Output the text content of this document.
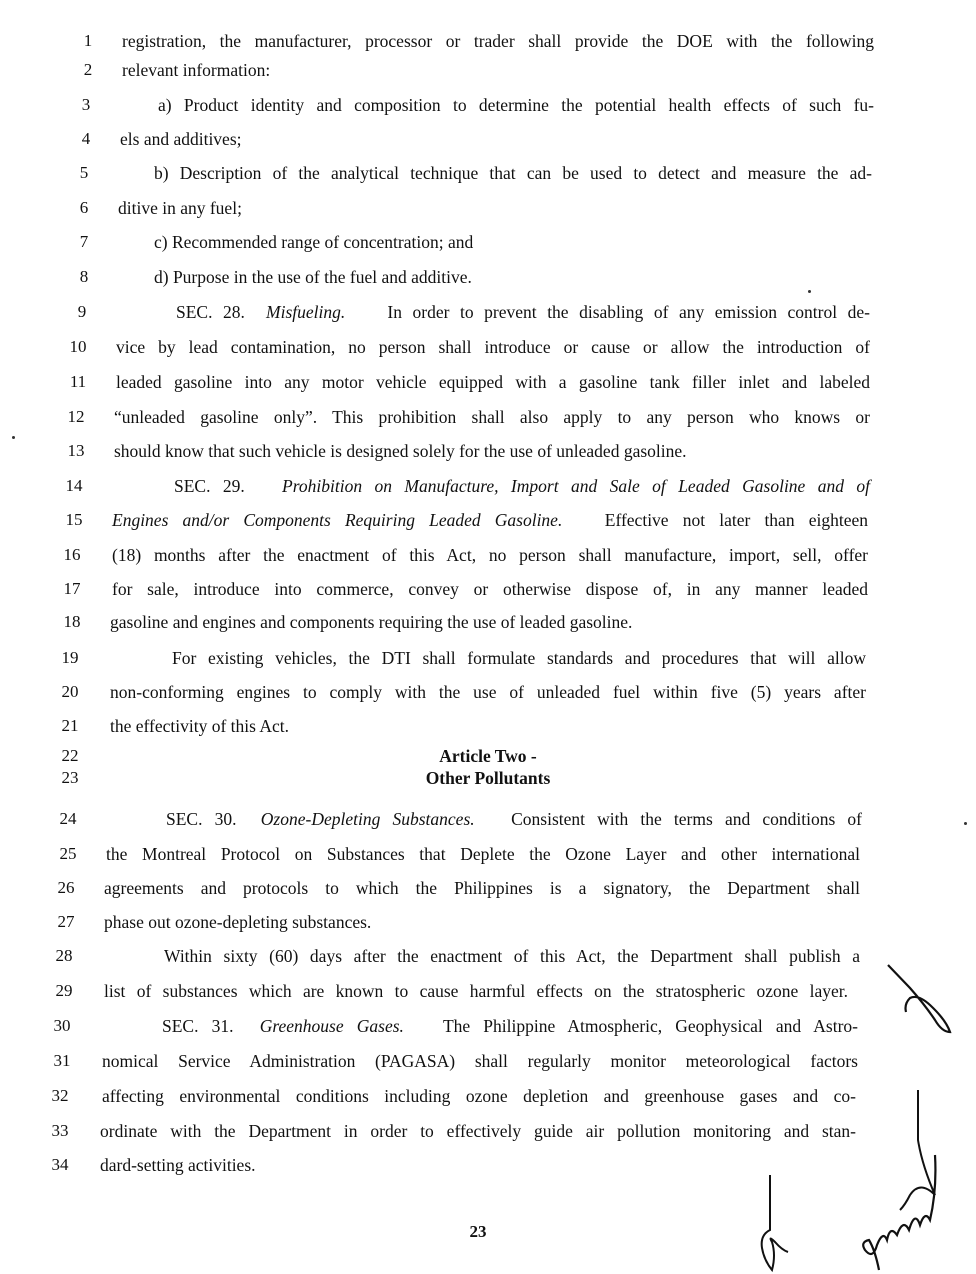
1	registration, the manufacturer, processor or trader shall provide the DOE with the following
2	relevant information:
3	a) Product identity and composition to determine the potential health effects of such fu-
4	els and additives;
5	b) Description of the analytical technique that can be used to detect and measure the ad-
6	ditive in any fuel;
7	c) Recommended range of concentration; and
8	d) Purpose in the use of the fuel and additive.
9	SEC. 28. Misfueling. In order to prevent the disabling of any emission control de-
10	vice by lead contamination, no person shall introduce or cause or allow the introduction of
11	leaded gasoline into any motor vehicle equipped with a gasoline tank filler inlet and labeled
12	“unleaded gasoline only”. This prohibition shall also apply to any person who knows or
13	should know that such vehicle is designed solely for the use of unleaded gasoline.
14	SEC. 29. Prohibition on Manufacture, Import and Sale of Leaded Gasoline and of
15	Engines and/or Components Requiring Leaded Gasoline. Effective not later than eighteen
16	(18) months after the enactment of this Act, no person shall manufacture, import, sell, offer
17	for sale, introduce into commerce, convey or otherwise dispose of, in any manner leaded
18	gasoline and engines and components requiring the use of leaded gasoline.
19	For existing vehicles, the DTI shall formulate standards and procedures that will allow
20	non-conforming engines to comply with the use of unleaded fuel within five (5) years after
21	the effectivity of this Act.
22	Article Two -
23	Other Pollutants
24	SEC. 30. Ozone-Depleting Substances. Consistent with the terms and conditions of
25	the Montreal Protocol on Substances that Deplete the Ozone Layer and other international
26	agreements and protocols to which the Philippines is a signatory, the Department shall
27	phase out ozone-depleting substances.
28	Within sixty (60) days after the enactment of this Act, the Department shall publish a
29	list of substances which are known to cause harmful effects on the stratospheric ozone layer.
30	SEC. 31. Greenhouse Gases. The Philippine Atmospheric, Geophysical and Astro-
31	nomical Service Administration (PAGASA) shall regularly monitor meteorological factors
32	affecting environmental conditions including ozone depletion and greenhouse gases and co-
33	ordinate with the Department in order to effectively guide air pollution monitoring and stan-
34	dard-setting activities.
23
